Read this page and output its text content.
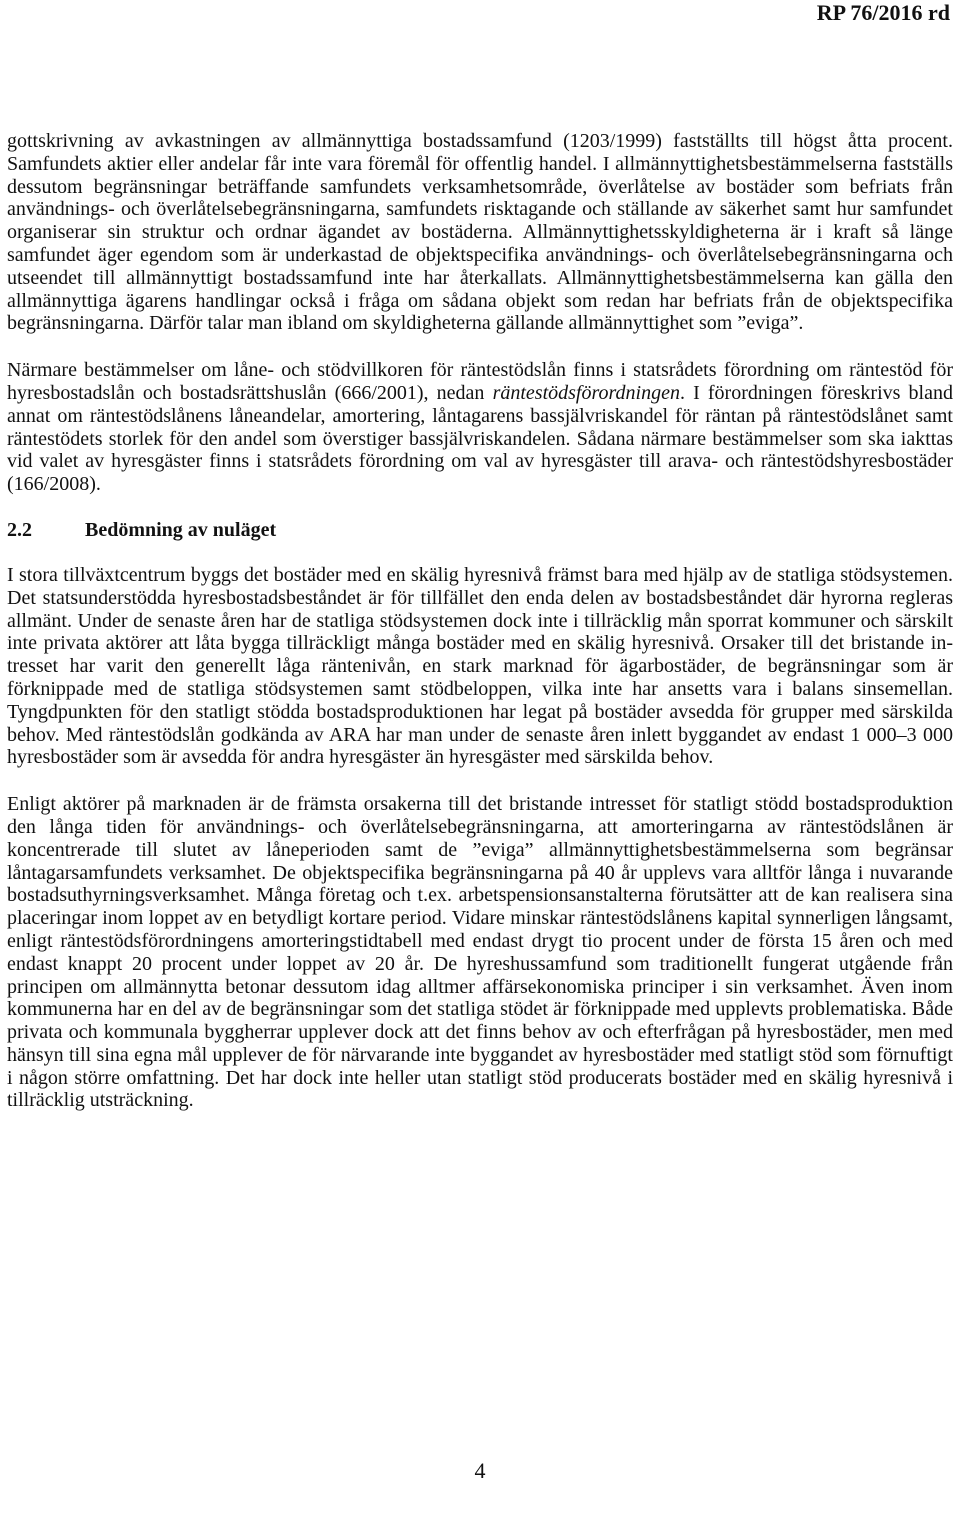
RP 76/2016 rd

gottskrivning av avkastningen av allmännyttiga bostadssamfund (1203/1999) fastställts till högst åtta procent. Samfundets aktier eller andelar får inte vara föremål för offentlig handel. I allmännyttighetsbestämmelserna fastställs dessutom begränsningar beträffande samfundets verksamhetsområde, överlåtelse av bostäder som befriats från användnings- och överlåtelsebegränsningarna, samfundets risktagande och ställande av säkerhet samt hur samfundet organiserar sin struktur och ordnar ägandet av bostäderna. Allmännyttighetsskyldigheterna är i kraft så länge samfundet äger egendom som är underkastad de objektspecifika användnings- och överlåtelsebegränsningarna och utseendet till allmännyttigt bostadssamfund inte har återkallats. Allmännyttighetsbestämmelserna kan gälla den allmännyttiga ägarens handlingar också i fråga om sådana objekt som redan har befriats från de objektspecifika begränsningarna. Därför talar man ibland om skyldigheterna gällande allmännyttighet som ”eviga”.

Närmare bestämmelser om låne- och stödvillkoren för räntestödslån finns i statsrådets förordning om räntestöd för hyresbostadslån och bostadsrättshuslån (666/2001), nedan räntestödsförordningen. I förordningen föreskrivs bland annat om räntestödslånens låneandelar, amortering, låntagarens bassjälvriskandel för räntan på räntestödslånet samt räntestödets storlek för den andel som överstiger bassjälvriskandelen. Sådana närmare bestämmelser som ska iakttas vid valet av hyresgäster finns i statsrådets förordning om val av hyresgäster till arava- och räntestödshyresbostäder (166/2008).

2.2	Bedömning av nuläget

I stora tillväxtcentrum byggs det bostäder med en skälig hyresnivå främst bara med hjälp av de statliga stödsystemen. Det statsunderstödda hyresbostadsbeståndet är för tillfället den enda delen av bostadsbeståndet där hyrorna regleras allmänt. Under de senaste åren har de statliga stödsystemen dock inte i tillräcklig mån sporrat kommuner och särskilt inte privata aktörer att låta bygga tillräckligt många bostäder med en skälig hyresnivå. Orsaker till det bristande intresset har varit den generellt låga räntenivån, en stark marknad för ägarbostäder, de begränsningar som är förknippade med de statliga stödsystemen samt stödbeloppen, vilka inte har ansetts vara i balans sinsemellan. Tyngdpunkten för den statligt stödda bostadsproduktionen har legat på bostäder avsedda för grupper med särskilda behov. Med räntestödslån godkända av ARA har man under de senaste åren inlett byggandet av endast 1 000–3 000 hyresbostäder som är avsedda för andra hyresgäster än hyresgäster med särskilda behov.

Enligt aktörer på marknaden är de främsta orsakerna till det bristande intresset för statligt stödd bostadsproduktion den långa tiden för användnings- och överlåtelsebegränsningarna, att amorteringarna av räntestödslånen är koncentrerade till slutet av låneperioden samt de ”eviga” allmännyttighetsbestämmelserna som begränsar låntagarsamfundets verksamhet. De objektspecifika begränsningarna på 40 år upplevs vara alltför långa i nuvarande bostadsuthyrningsverksamhet. Många företag och t.ex. arbetspensionsanstalterna förutsätter att de kan realisera sina placeringar inom loppet av en betydligt kortare period. Vidare minskar räntestödslånens kapital synnerligen långsamt, enligt räntestödsförordningens amorteringstidtabell med endast drygt tio procent under de första 15 åren och med endast knappt 20 procent under loppet av 20 år. De hyreshussamfund som traditionellt fungerat utgående från principen om allmännytta betonar dessutom idag alltmer affärsekonomiska principer i sin verksamhet. Även inom kommunerna har en del av de begränsningar som det statliga stödet är förknippade med upplevts problematiska. Både privata och kommunala byggherrar upplever dock att det finns behov av och efterfrågan på hyresbostäder, men med hänsyn till sina egna mål upplever de för närvarande inte byggandet av hyresbostäder med statligt stöd som förnuftigt i någon större omfattning. Det har dock inte heller utan statligt stöd producerats bostäder med en skälig hyresnivå i tillräcklig utsträckning.

4
